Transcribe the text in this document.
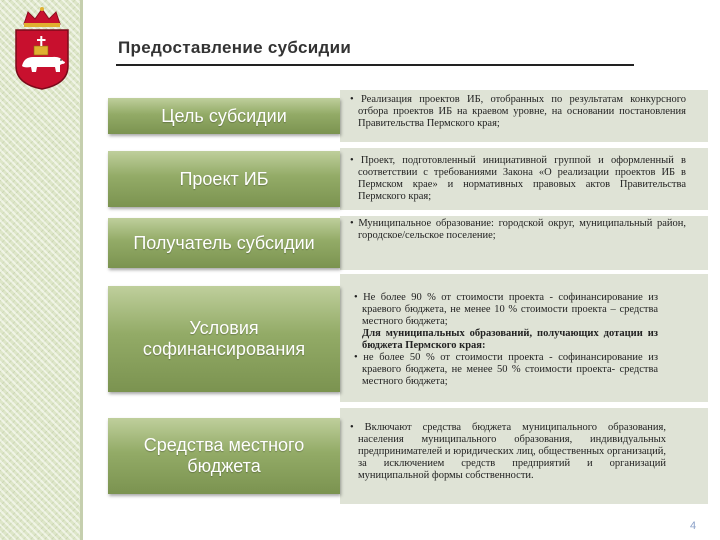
Предоставление субсидии
Цель субсидии

• Реализация проектов ИБ, отобранных по результатам конкурсного отбора проектов ИБ на краевом уровне, на основании постановления Правительства Пермского края;

Проект ИБ

• Проект, подготовленный инициативной группой и оформленный в соответствии с требованиями Закона «О реализации проектов ИБ в Пермском крае» и нормативных правовых актов Правительства Пермского края;

Получатель субсидии

• Муниципальное образование: городской округ, муниципальный район, городское/сельское поселение;

Условия софинансирования

• Не более 90 % от стоимости проекта - софинансирование из краевого бюджета, не менее 10 % стоимости проекта – средства местного бюджета;

Для муниципальных образований, получающих дотации из бюджета Пермского края:

• не более 50 % от стоимости проекта - софинансирование из краевого бюджета, не менее 50 % стоимости проекта- средства местного бюджета;

Средства местного бюджета

• Включают средства бюджета муниципального образования, населения муниципального образования, индивидуальных предпринимателей и юридических лиц, общественных организаций, за исключением средств предприятий и организаций муниципальной формы собственности.

4
